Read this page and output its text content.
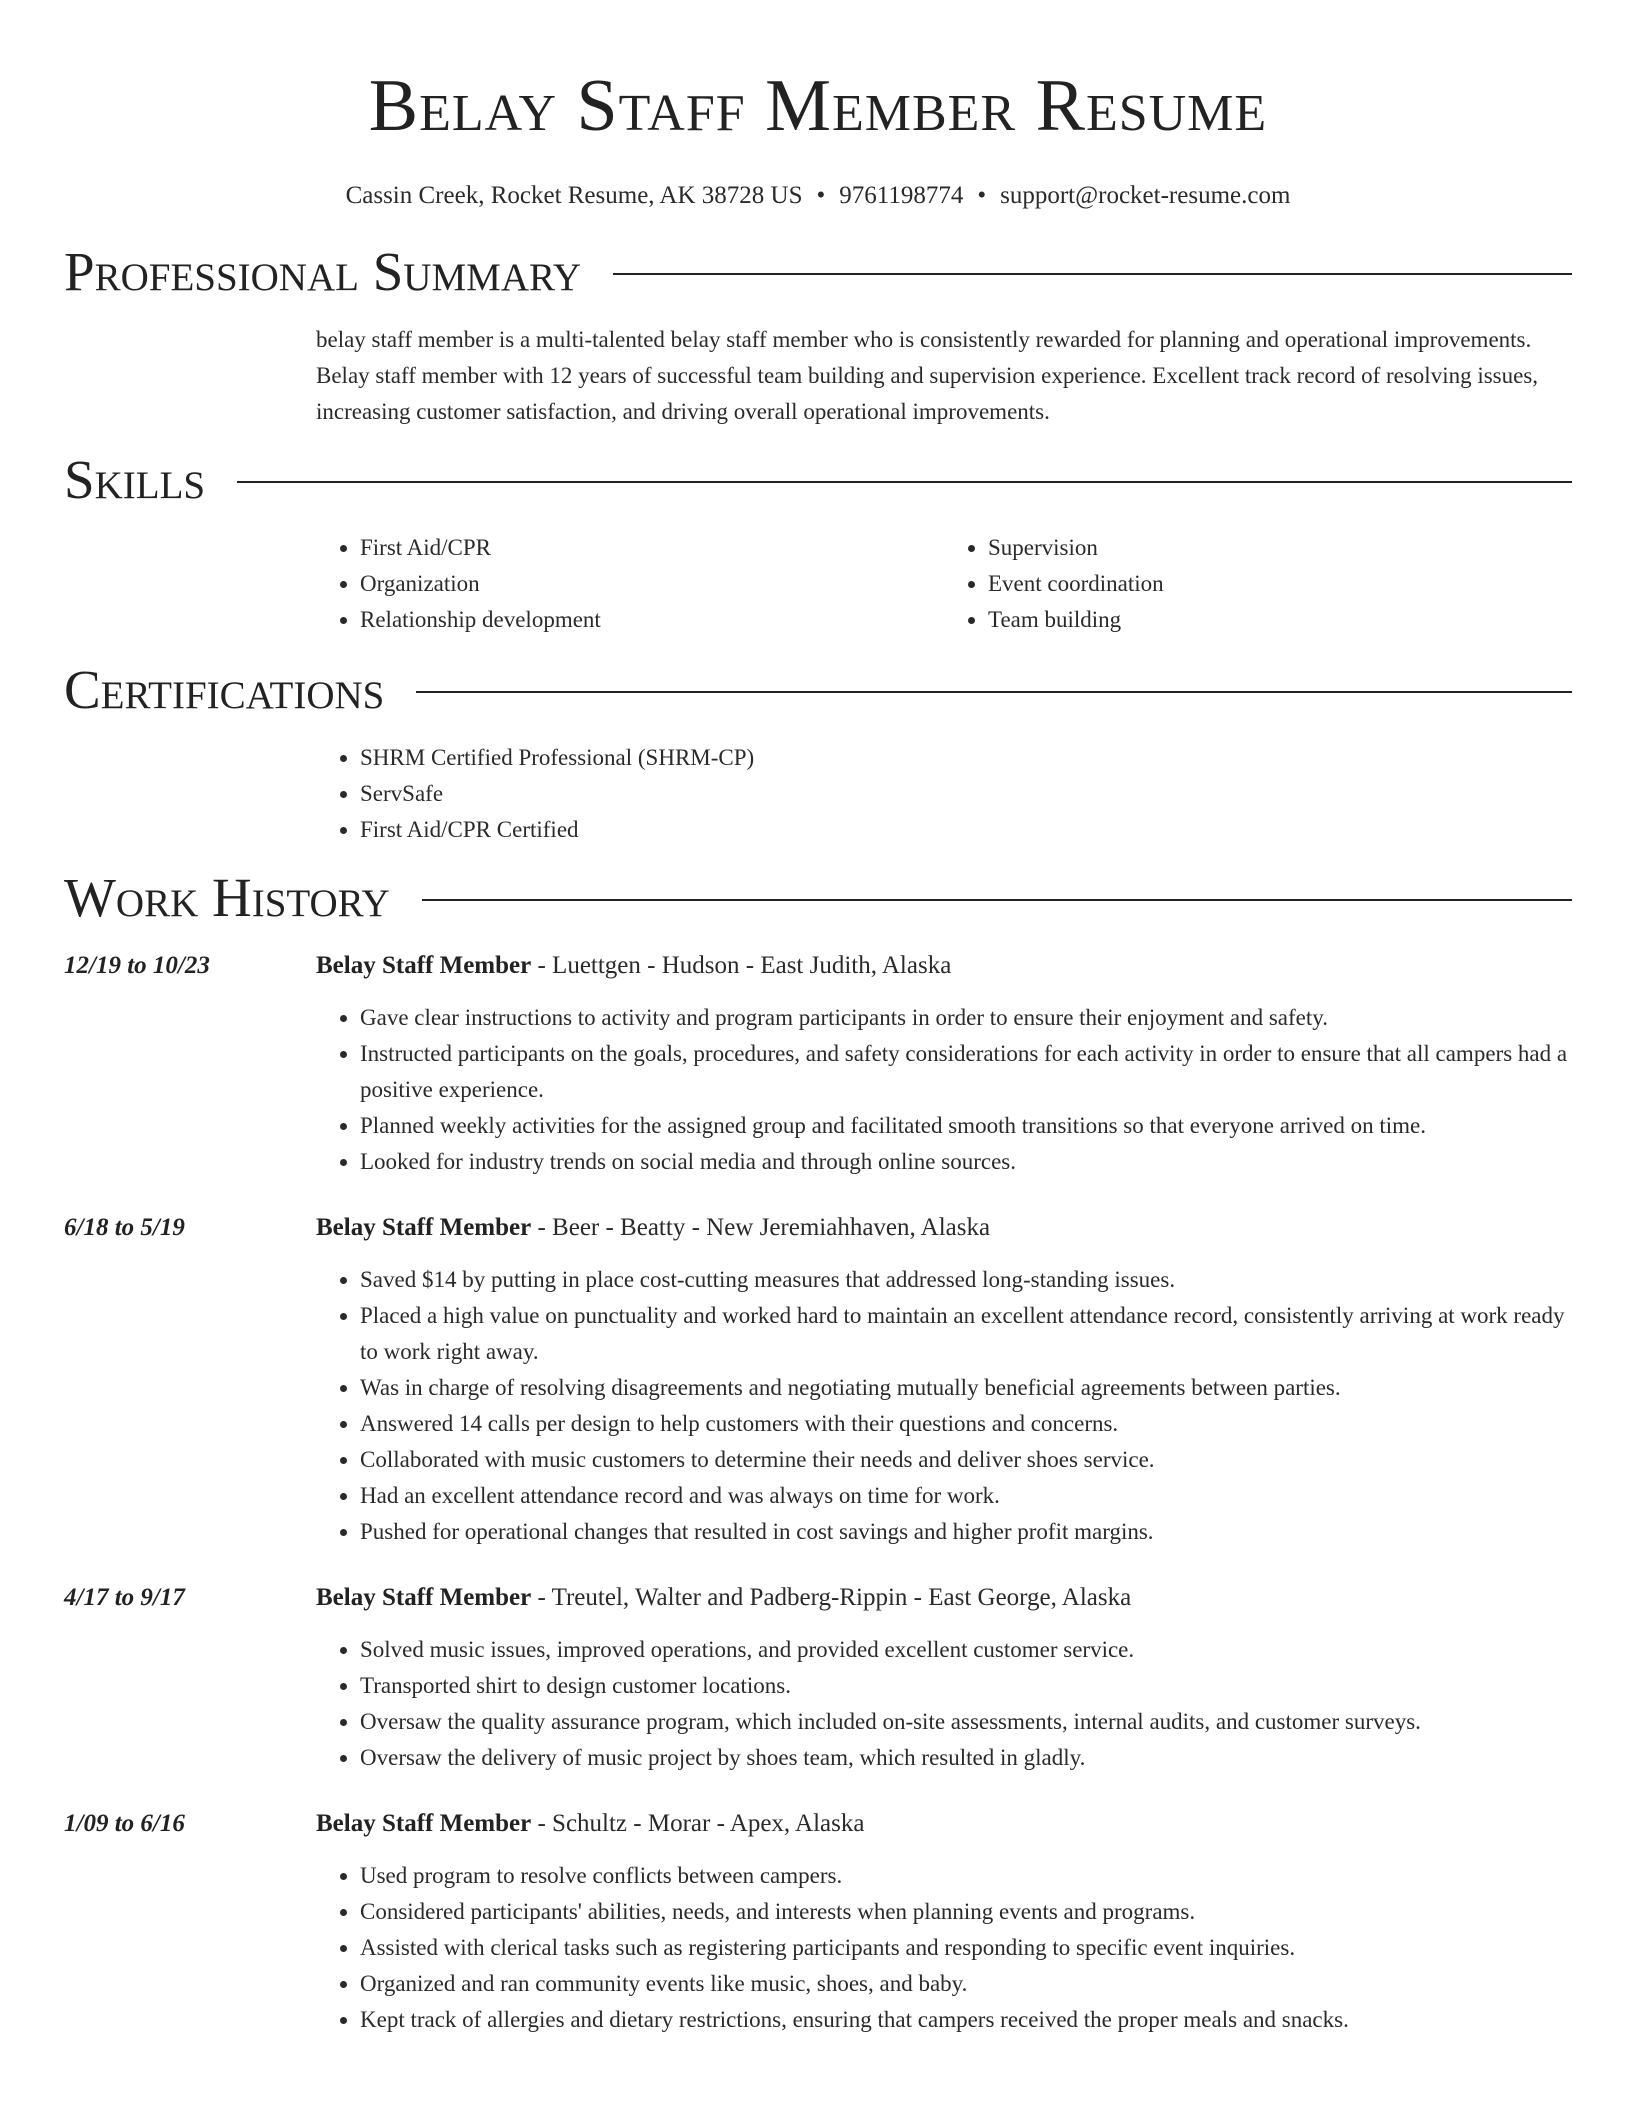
Belay Staff Member Resume
Cassin Creek, Rocket Resume, AK 38728 US • 9761198774 • support@rocket-resume.com
Professional Summary

belay staff member is a multi-talented belay staff member who is consistently rewarded for planning and operational improvements. Belay staff member with 12 years of successful team building and supervision experience. Excellent track record of resolving issues, increasing customer satisfaction, and driving overall operational improvements.

Skills
• First Aid/CPR
• Organization
• Relationship development
• Supervision
• Event coordination
• Team building
Certifications
• SHRM Certified Professional (SHRM-CP)
• ServSafe
• First Aid/CPR Certified
Work History
12/19 to 10/23	Belay Staff Member - Luettgen - Hudson - East Judith, Alaska
• Gave clear instructions to activity and program participants in order to ensure their enjoyment and safety.
• Instructed participants on the goals, procedures, and safety considerations for each activity in order to ensure that all campers had a positive experience.
• Planned weekly activities for the assigned group and facilitated smooth transitions so that everyone arrived on time.
• Looked for industry trends on social media and through online sources.
6/18 to 5/19	Belay Staff Member - Beer - Beatty - New Jeremiahhaven, Alaska
• Saved $14 by putting in place cost-cutting measures that addressed long-standing issues.
• Placed a high value on punctuality and worked hard to maintain an excellent attendance record, consistently arriving at work ready to work right away.
• Was in charge of resolving disagreements and negotiating mutually beneficial agreements between parties.
• Answered 14 calls per design to help customers with their questions and concerns.
• Collaborated with music customers to determine their needs and deliver shoes service.
• Had an excellent attendance record and was always on time for work.
• Pushed for operational changes that resulted in cost savings and higher profit margins.
4/17 to 9/17	Belay Staff Member - Treutel, Walter and Padberg-Rippin - East George, Alaska
• Solved music issues, improved operations, and provided excellent customer service.
• Transported shirt to design customer locations.
• Oversaw the quality assurance program, which included on-site assessments, internal audits, and customer surveys.
• Oversaw the delivery of music project by shoes team, which resulted in gladly.
1/09 to 6/16	Belay Staff Member - Schultz - Morar - Apex, Alaska
• Used program to resolve conflicts between campers.
• Considered participants' abilities, needs, and interests when planning events and programs.
• Assisted with clerical tasks such as registering participants and responding to specific event inquiries.
• Organized and ran community events like music, shoes, and baby.
• Kept track of allergies and dietary restrictions, ensuring that campers received the proper meals and snacks.
